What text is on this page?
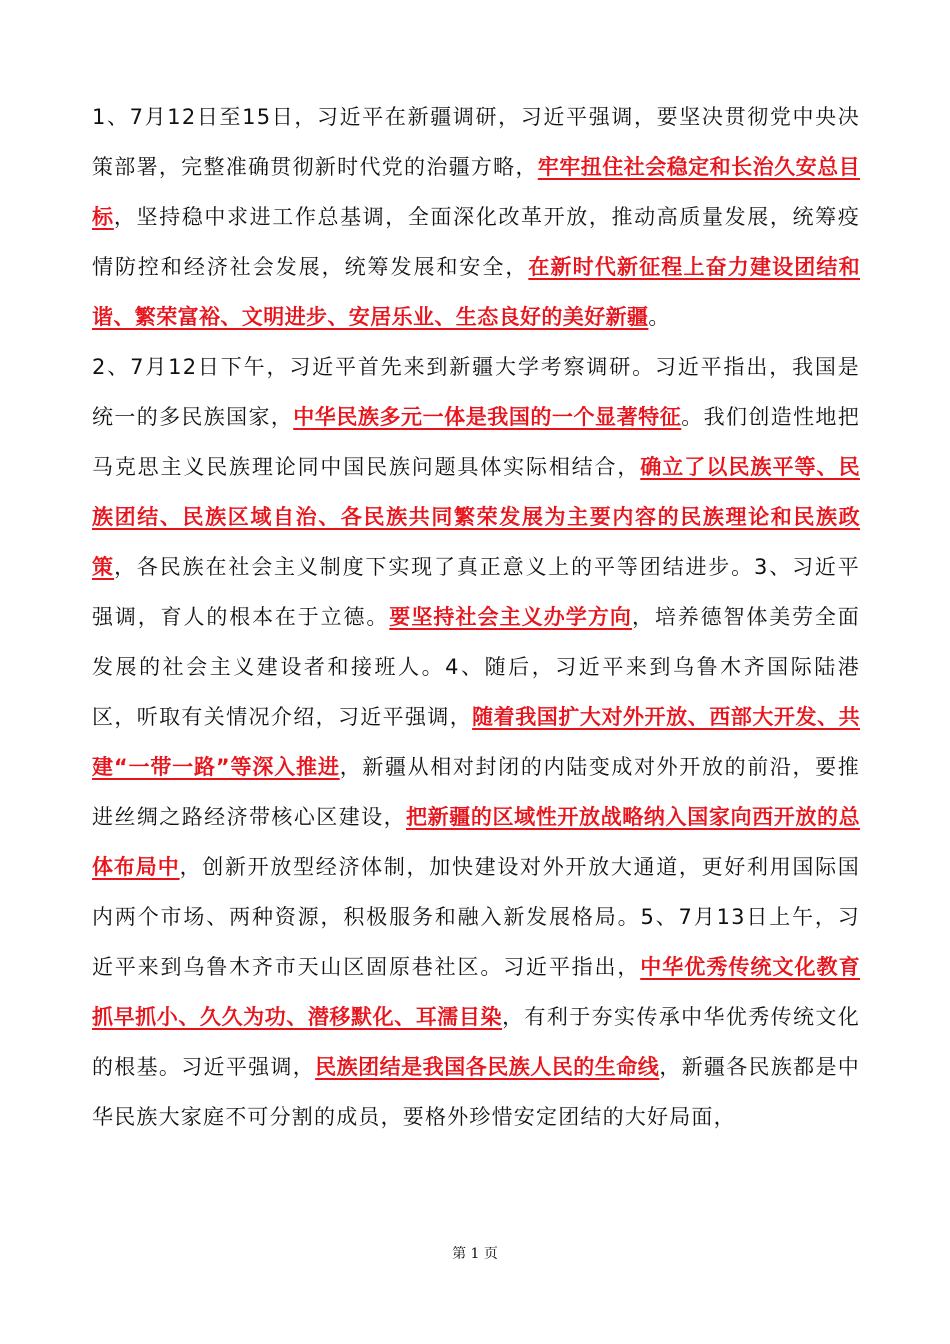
1、7月12日至15日，习近平在新疆调研，习近平强调，要坚决贯彻党中央决策部署，完整准确贯彻新时代党的治疆方略，牢牢扭住社会稳定和长治久安总目标，坚持稳中求进工作总基调，全面深化改革开放，推动高质量发展，统筹疫情防控和经济社会发展，统筹发展和安全，在新时代新征程上奋力建设团结和谐、繁荣富裕、文明进步、安居乐业、生态良好的美好新疆。

2、7月12日下午，习近平首先来到新疆大学考察调研。习近平指出，我国是统一的多民族国家，中华民族多元一体是我国的一个显著特征。我们创造性地把马克思主义民族理论同中国民族问题具体实际相结合，确立了以民族平等、民族团结、民族区域自治、各民族共同繁荣发展为主要内容的民族理论和民族政策，各民族在社会主义制度下实现了真正意义上的平等团结进步。3、习近平强调，育人的根本在于立德。要坚持社会主义办学方向，培养德智体美劳全面发展的社会主义建设者和接班人。4、随后，习近平来到乌鲁木齐国际陆港区，听取有关情况介绍，习近平强调，随着我国扩大对外开放、西部大开发、共建“一带一路”等深入推进，新疆从相对封闭的内陆变成对外开放的前沿，要推进丝绸之路经济带核心区建设，把新疆的区域性开放战略纳入国家向西开放的总体布局中，创新开放型经济体制，加快建设对外开放大通道，更好利用国际国内两个市场、两种资源，积极服务和融入新发展格局。5、7月13日上午，习近平来到乌鲁木齐市天山区固原巷社区。习近平指出，中华优秀传统文化教育抓早抓小、久久为功、潜移默化、耳濡目染，有利于夯实传承中华优秀传统文化的根基。习近平强调，民族团结是我国各民族人民的生命线，新疆各民族都是中华民族大家庭不可分割的成员，要格外珍惜安定团结的大好局面，

第 1 页
